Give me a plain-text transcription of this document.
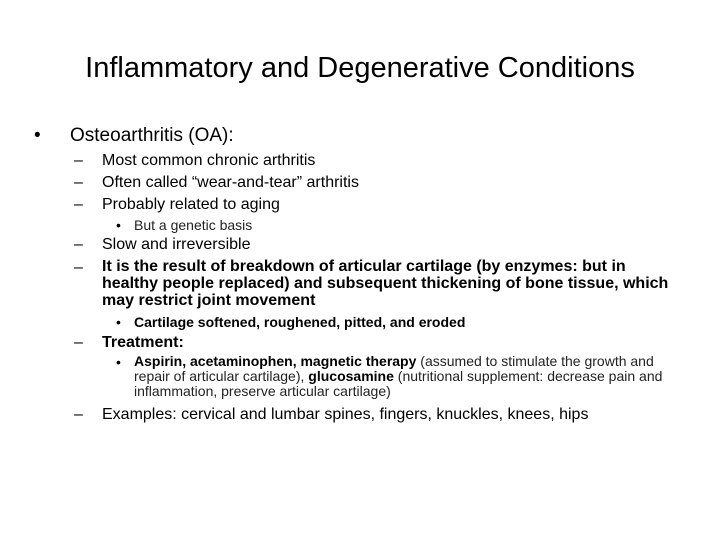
Inflammatory and Degenerative Conditions
• Osteoarthritis (OA):
– Most common chronic arthritis
– Often called “wear-and-tear” arthritis
– Probably related to aging
• But a genetic basis
– Slow and irreversible
– It is the result of breakdown of articular cartilage (by enzymes: but in healthy people replaced) and subsequent thickening of bone tissue, which may restrict joint movement
• Cartilage softened, roughened, pitted, and eroded
– Treatment:
• Aspirin, acetaminophen, magnetic therapy (assumed to stimulate the growth and repair of articular cartilage), glucosamine (nutritional supplement: decrease pain and inflammation, preserve articular cartilage)
– Examples: cervical and lumbar spines, fingers, knuckles, knees, hips
